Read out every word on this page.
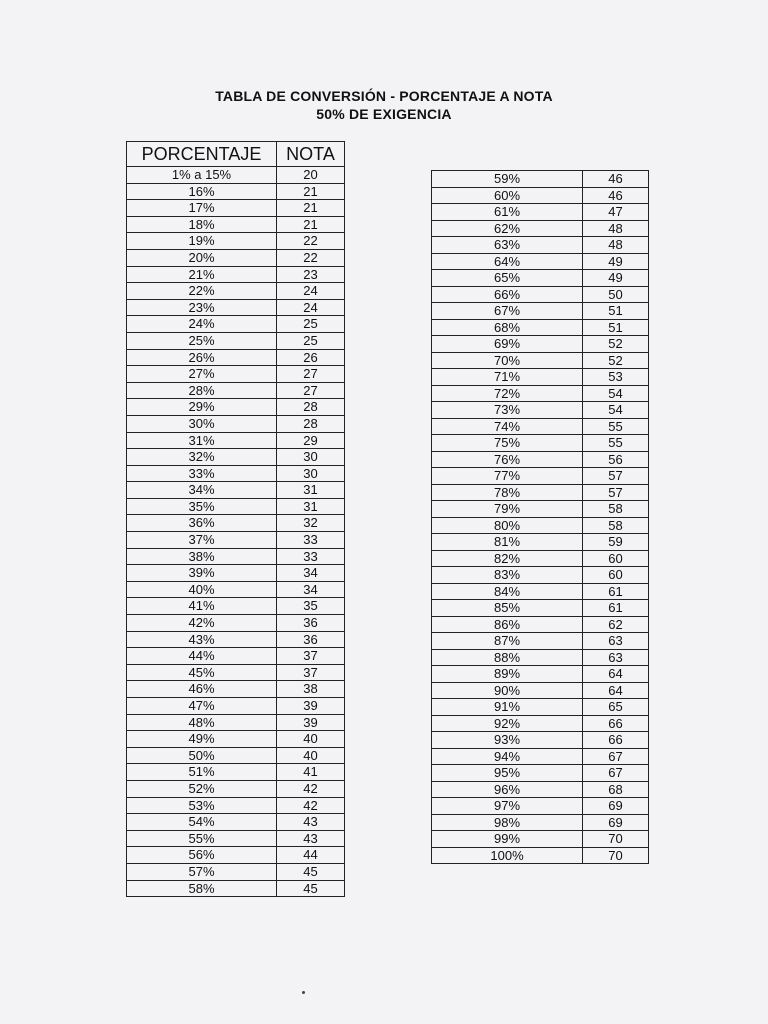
TABLA DE CONVERSIÓN - PORCENTAJE A NOTA
50% DE EXIGENCIA
PORCENTAJE	NOTA
1% a 15%	20
16%	21
17%	21
18%	21
19%	22
20%	22
21%	23
22%	24
23%	24
24%	25
25%	25
26%	26
27%	27
28%	27
29%	28
30%	28
31%	29
32%	30
33%	30
34%	31
35%	31
36%	32
37%	33
38%	33
39%	34
40%	34
41%	35
42%	36
43%	36
44%	37
45%	37
46%	38
47%	39
48%	39
49%	40
50%	40
51%	41
52%	42
53%	42
54%	43
55%	43
56%	44
57%	45
58%	45
59%	46
60%	46
61%	47
62%	48
63%	48
64%	49
65%	49
66%	50
67%	51
68%	51
69%	52
70%	52
71%	53
72%	54
73%	54
74%	55
75%	55
76%	56
77%	57
78%	57
79%	58
80%	58
81%	59
82%	60
83%	60
84%	61
85%	61
86%	62
87%	63
88%	63
89%	64
90%	64
91%	65
92%	66
93%	66
94%	67
95%	67
96%	68
97%	69
98%	69
99%	70
100%	70
